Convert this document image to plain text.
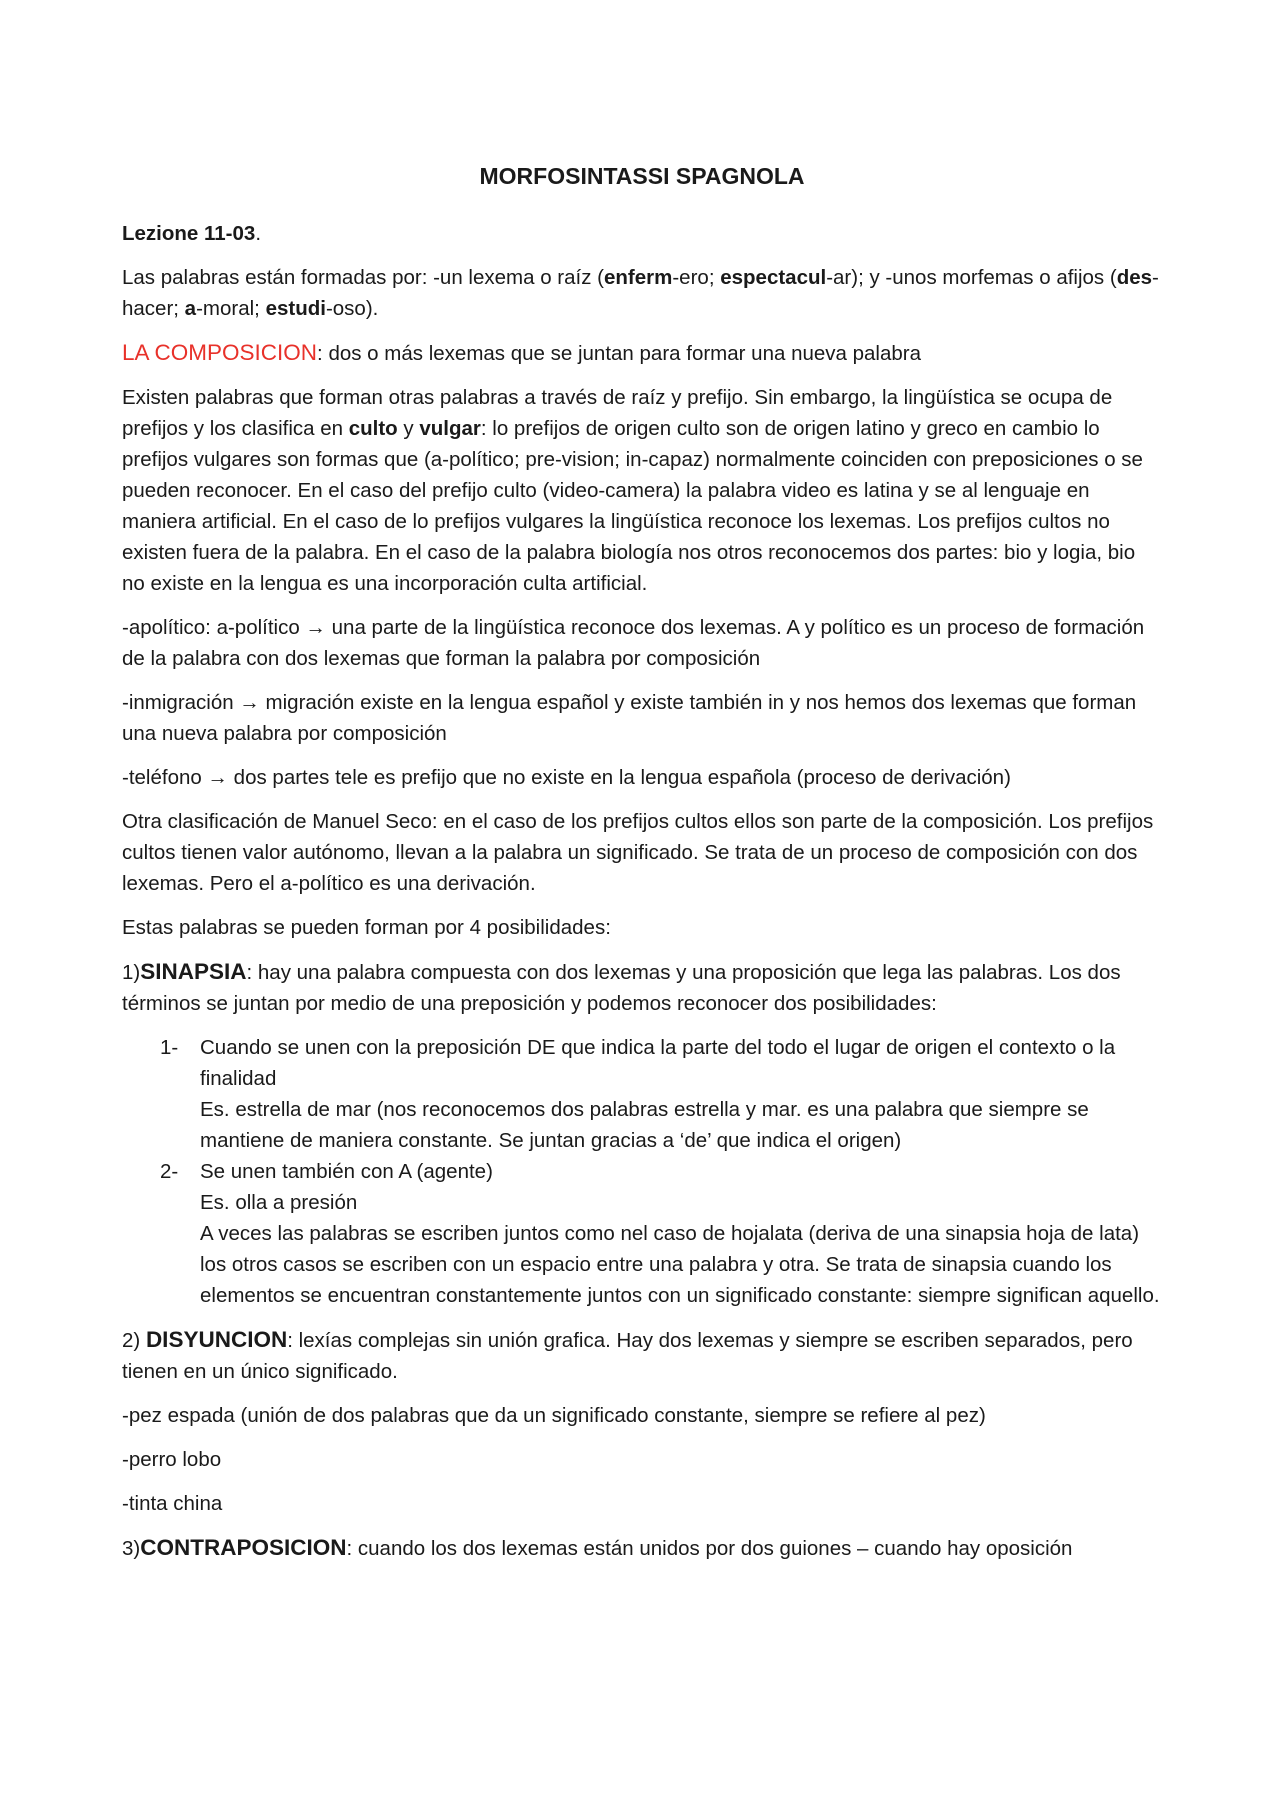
MORFOSINTASSI SPAGNOLA

Lezione 11-03.

Las palabras están formadas por: -un lexema o raíz (enferm-ero; espectacul-ar); y -unos morfemas o afijos (des-hacer; a-moral; estudi-oso).

LA COMPOSICION: dos o más lexemas que se juntan para formar una nueva palabra

Existen palabras que forman otras palabras a través de raíz y prefijo. Sin embargo, la lingüística se ocupa de prefijos y los clasifica en culto y vulgar: lo prefijos de origen culto son de origen latino y greco en cambio lo prefijos vulgares son formas que (a-político; pre-vision; in-capaz) normalmente coinciden con preposiciones o se pueden reconocer. En el caso del prefijo culto (video-camera) la palabra video es latina y se al lenguaje en maniera artificial. En el caso de lo prefijos vulgares la lingüística reconoce los lexemas. Los prefijos cultos no existen fuera de la palabra. En el caso de la palabra biología nos otros reconocemos dos partes: bio y logia, bio no existe en la lengua es una incorporación culta artificial.

-apolítico: a-político → una parte de la lingüística reconoce dos lexemas. A y político es un proceso de formación de la palabra con dos lexemas que forman la palabra por composición

-inmigración → migración existe en la lengua español y existe también in y nos hemos dos lexemas que forman una nueva palabra por composición

-teléfono → dos partes tele es prefijo que no existe en la lengua española (proceso de derivación)

Otra clasificación de Manuel Seco: en el caso de los prefijos cultos ellos son parte de la composición. Los prefijos cultos tienen valor autónomo, llevan a la palabra un significado. Se trata de un proceso de composición con dos lexemas. Pero el a-político es una derivación.

Estas palabras se pueden forman por 4 posibilidades:

1)SINAPSIA: hay una palabra compuesta con dos lexemas y una proposición que lega las palabras. Los dos términos se juntan por medio de una preposición y podemos reconocer dos posibilidades:

1- Cuando se unen con la preposición DE que indica la parte del todo el lugar de origen el contexto o la finalidad
Es. estrella de mar (nos reconocemos dos palabras estrella y mar. es una palabra que siempre se mantiene de maniera constante. Se juntan gracias a ‘de’ que indica el origen)
2- Se unen también con A (agente)
Es. olla a presión
A veces las palabras se escriben juntos como nel caso de hojalata (deriva de una sinapsia hoja de lata) los otros casos se escriben con un espacio entre una palabra y otra. Se trata de sinapsia cuando los elementos se encuentran constantemente juntos con un significado constante: siempre significan aquello.

2) DISYUNCION: lexías complejas sin unión grafica. Hay dos lexemas y siempre se escriben separados, pero tienen en un único significado.

-pez espada (unión de dos palabras que da un significado constante, siempre se refiere al pez)

-perro lobo

-tinta china

3)CONTRAPOSICION: cuando los dos lexemas están unidos por dos guiones – cuando hay oposición
